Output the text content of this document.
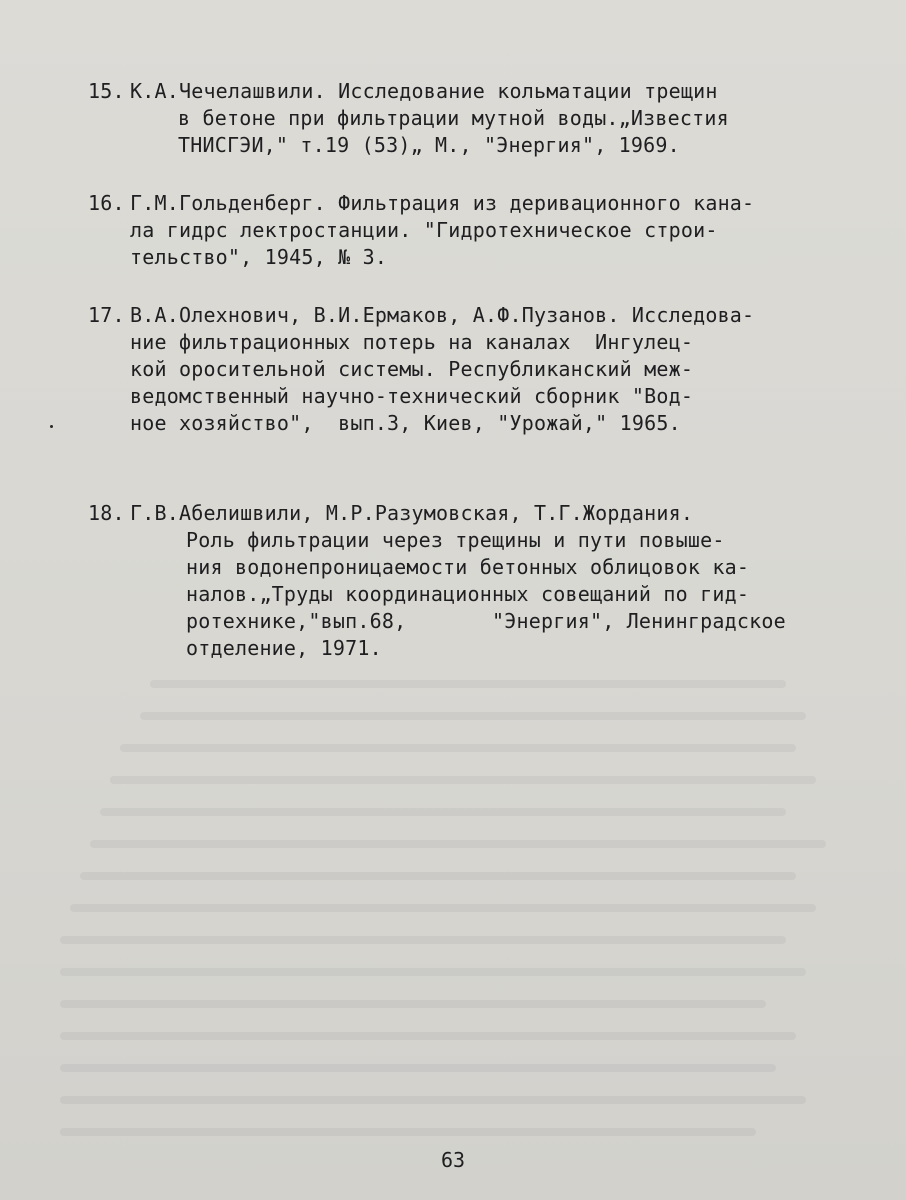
15. К.А.Чечелашвили. Исследование кольматации трещин
в бетоне при фильтрации мутной воды.„Известия
ТНИСГЭИ," т.19 (53)„ М., "Энергия", 1969.
16. Г.М.Гольденберг. Фильтрация из деривационного кана-
ла гидрс лектростанции. "Гидротехническое строи-
тельство", 1945, № 3.
17. В.А.Олехнович, В.И.Ермаков, А.Ф.Пузанов. Исследова-
ние фильтрационных потерь на каналах  Ингулец-
кой оросительной системы. Республиканский меж-
ведомственный научно-технический сборник "Вод-
ное хозяйство",  вып.3, Киев, "Урожай," 1965.
18. Г.В.Абелишвили, М.Р.Разумовская, Т.Г.Жордания.
Роль фильтрации через трещины и пути повыше-
ния водонепроницаемости бетонных облицовок ка-
налов.„Труды координационных совещаний по гид-
ротехнике,"вып.68,       "Энергия", Ленинградское
отделение, 1971.
63
